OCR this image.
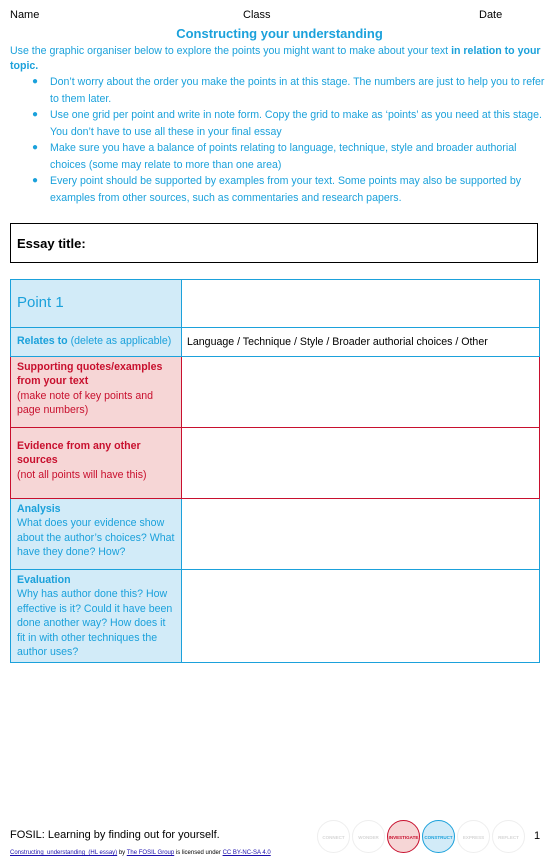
Name	Class	Date
Constructing your understanding
Use the graphic organiser below to explore the points you might want to make about your text in relation to your topic.
● Don’t worry about the order you make the points in at this stage. The numbers are just to help you to refer to them later.
● Use one grid per point and write in note form. Copy the grid to make as ‘points’ as you need at this stage. You don’t have to use all these in your final essay
● Make sure you have a balance of points relating to language, technique, style and broader authorial choices (some may relate to more than one area)
● Every point should be supported by examples from your text. Some points may also be supported by examples from other sources, such as commentaries and research papers.
Essay title:
Point 1	

Relates to (delete as applicable)	Language / Technique / Style / Broader authorial choices / Other

Supporting quotes/examples from your text
(make note of key points and page numbers)	

Evidence from any other sources
(not all points will have this)	

Analysis
What does your evidence show about the author’s choices? What have they done? How?	

Evaluation
Why has author done this? How effective is it? Could it have been done another way? How does it fit in with other techniques the author uses?	

FOSIL: Learning by finding out for yourself.
Constructing_understanding_(HL essay) by The FOSIL Group is licensed under CC BY-NC-SA 4.0
CONNECT	WONDER	INVESTIGATE	CONSTRUCT	EXPRESS	REFLECT	1
